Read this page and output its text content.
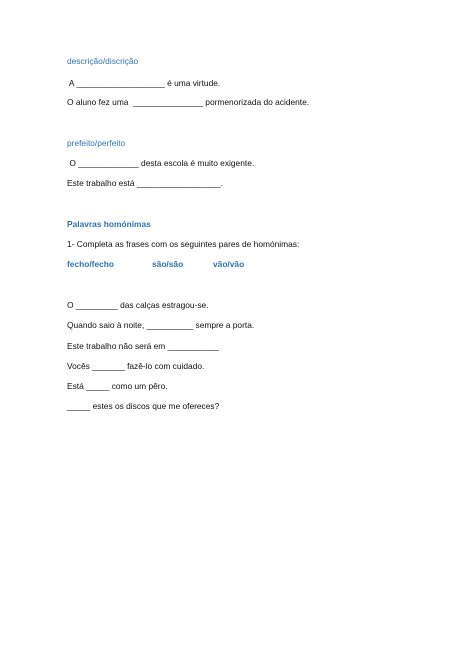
descrição/discrição
A ___________________ é uma virtude.
O aluno fez uma  _______________ pormenorizada do acidente.
prefeito/perfeito
O _____________ desta escola é muito exigente.
Este trabalho está __________________.
Palavras homónimas
1- Completa as frases com os seguintes pares de homónimas:

fecho/fecho

	são/são

	vão/vão

O _________ das calças estragou-se.
Quando saio à noite, __________ sempre a porta.
Este trabalho não será em ___________
Vocês _______ fazê-lo com cuidado.
Está _____ como um pêro.
_____ estes os discos que me ofereces?
